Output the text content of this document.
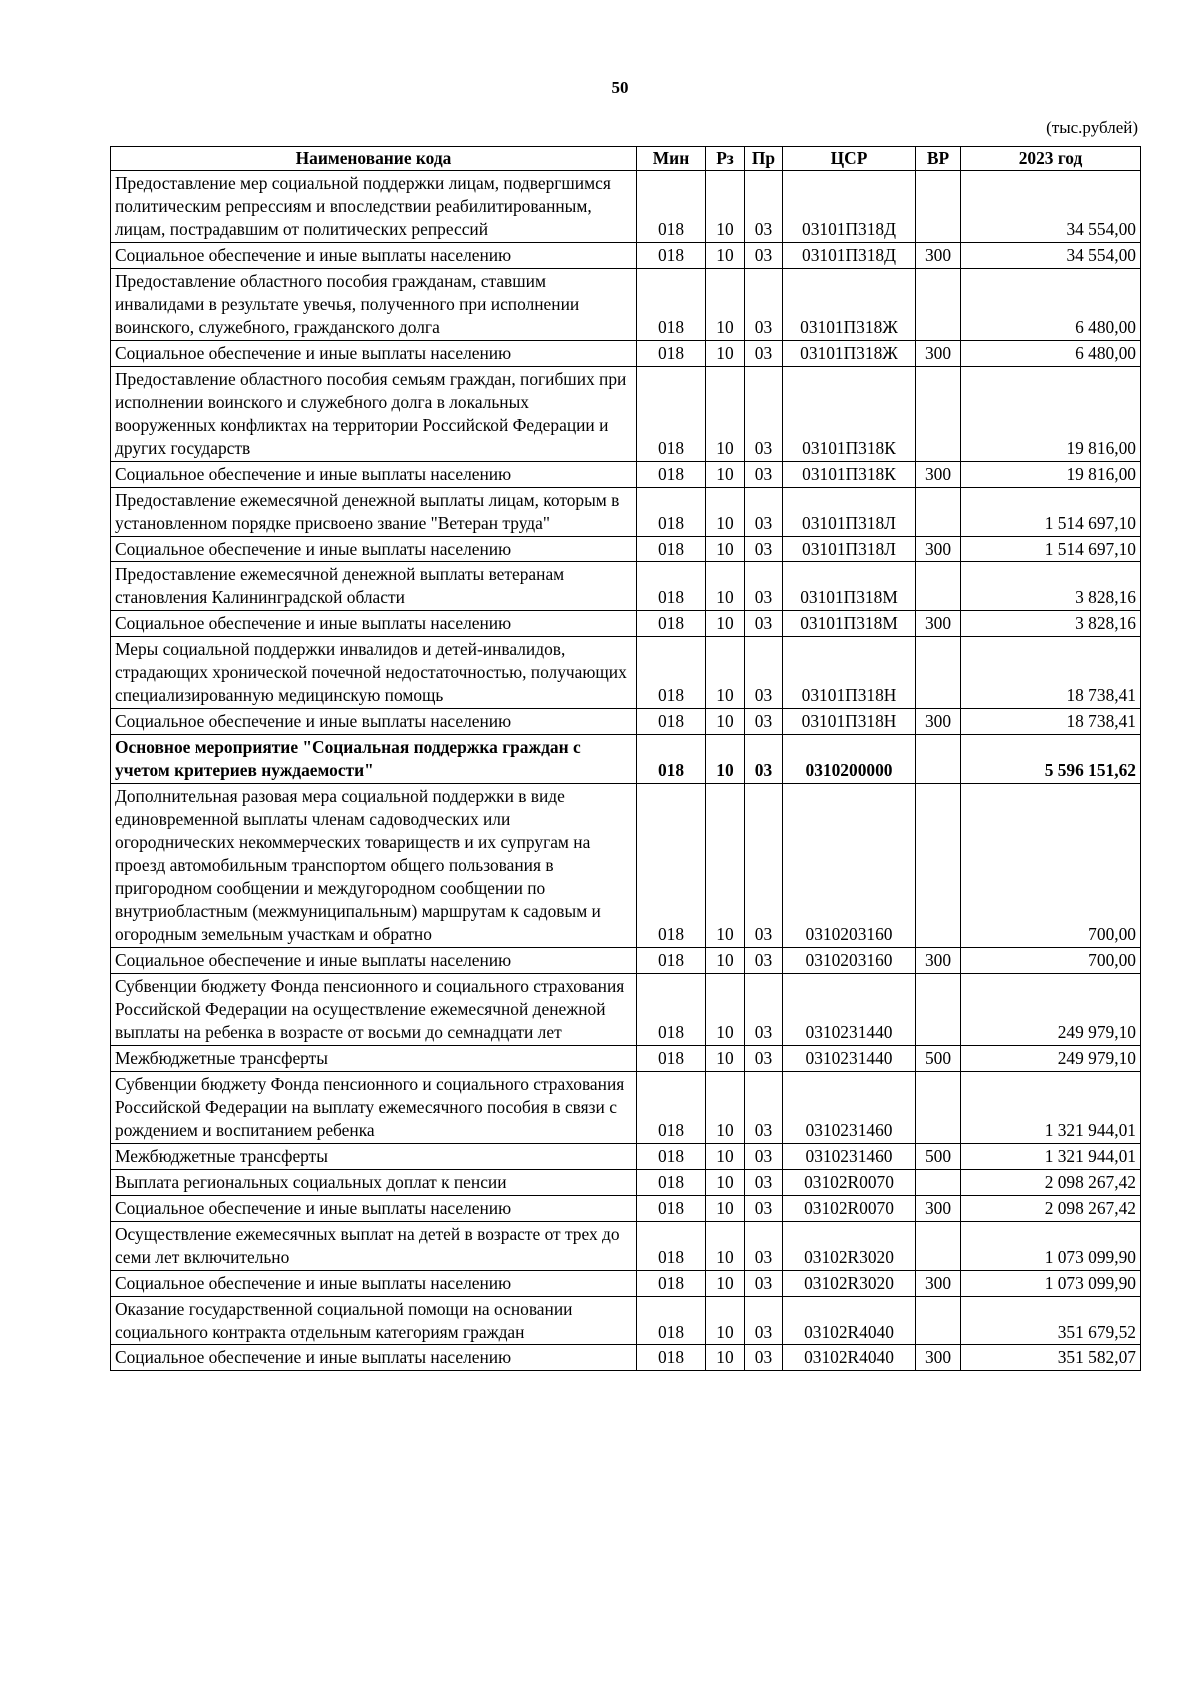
50
(тыс.рублей)
Наименование кода	Мин	Рз	Пр	ЦСР	ВР	2023 год
Предоставление мер социальной поддержки лицам, подвергшимся политическим репрессиям и впоследствии реабилитированным, лицам, пострадавшим от политических репрессий	018	10	03	03101П318Д		34 554,00
Социальное обеспечение и иные выплаты населению	018	10	03	03101П318Д	300	34 554,00
Предоставление областного пособия гражданам, ставшим инвалидами в результате увечья, полученного при исполнении воинского, служебного, гражданского долга	018	10	03	03101П318Ж		6 480,00
Социальное обеспечение и иные выплаты населению	018	10	03	03101П318Ж	300	6 480,00
Предоставление областного пособия семьям граждан, погибших при исполнении воинского и служебного долга в локальных вооруженных конфликтах на территории Российской Федерации и других государств	018	10	03	03101П318К		19 816,00
Социальное обеспечение и иные выплаты населению	018	10	03	03101П318К	300	19 816,00
Предоставление ежемесячной денежной выплаты лицам, которым в установленном порядке присвоено звание "Ветеран труда"	018	10	03	03101П318Л		1 514 697,10
Социальное обеспечение и иные выплаты населению	018	10	03	03101П318Л	300	1 514 697,10
Предоставление ежемесячной денежной выплаты ветеранам становления Калининградской области	018	10	03	03101П318М		3 828,16
Социальное обеспечение и иные выплаты населению	018	10	03	03101П318М	300	3 828,16
Меры социальной поддержки инвалидов и детей-инвалидов, страдающих хронической почечной недостаточностью, получающих специализированную медицинскую помощь	018	10	03	03101П318Н		18 738,41
Социальное обеспечение и иные выплаты населению	018	10	03	03101П318Н	300	18 738,41
Основное мероприятие "Социальная поддержка граждан с учетом критериев нуждаемости"	018	10	03	0310200000		5 596 151,62
Дополнительная разовая мера социальной поддержки в виде единовременной выплаты членам садоводческих или огороднических некоммерческих товариществ и их супругам на проезд автомобильным транспортом общего пользования в пригородном сообщении и междугородном сообщении по внутриобластным (межмуниципальным) маршрутам к садовым и огородным земельным участкам и обратно	018	10	03	0310203160		700,00
Социальное обеспечение и иные выплаты населению	018	10	03	0310203160	300	700,00
Субвенции бюджету Фонда пенсионного и социального страхования Российской Федерации на осуществление ежемесячной денежной выплаты на ребенка в возрасте от восьми до семнадцати лет	018	10	03	0310231440		249 979,10
Межбюджетные трансферты	018	10	03	0310231440	500	249 979,10
Субвенции бюджету Фонда пенсионного и социального страхования Российской Федерации на выплату ежемесячного пособия в связи с рождением и воспитанием ребенка	018	10	03	0310231460		1 321 944,01
Межбюджетные трансферты	018	10	03	0310231460	500	1 321 944,01
Выплата региональных социальных доплат к пенсии	018	10	03	03102R0070		2 098 267,42
Социальное обеспечение и иные выплаты населению	018	10	03	03102R0070	300	2 098 267,42
Осуществление ежемесячных выплат на детей в возрасте от трех до семи лет включительно	018	10	03	03102R3020		1 073 099,90
Социальное обеспечение и иные выплаты населению	018	10	03	03102R3020	300	1 073 099,90
Оказание государственной социальной помощи на основании социального контракта отдельным категориям граждан	018	10	03	03102R4040		351 679,52
Социальное обеспечение и иные выплаты населению	018	10	03	03102R4040	300	351 582,07
